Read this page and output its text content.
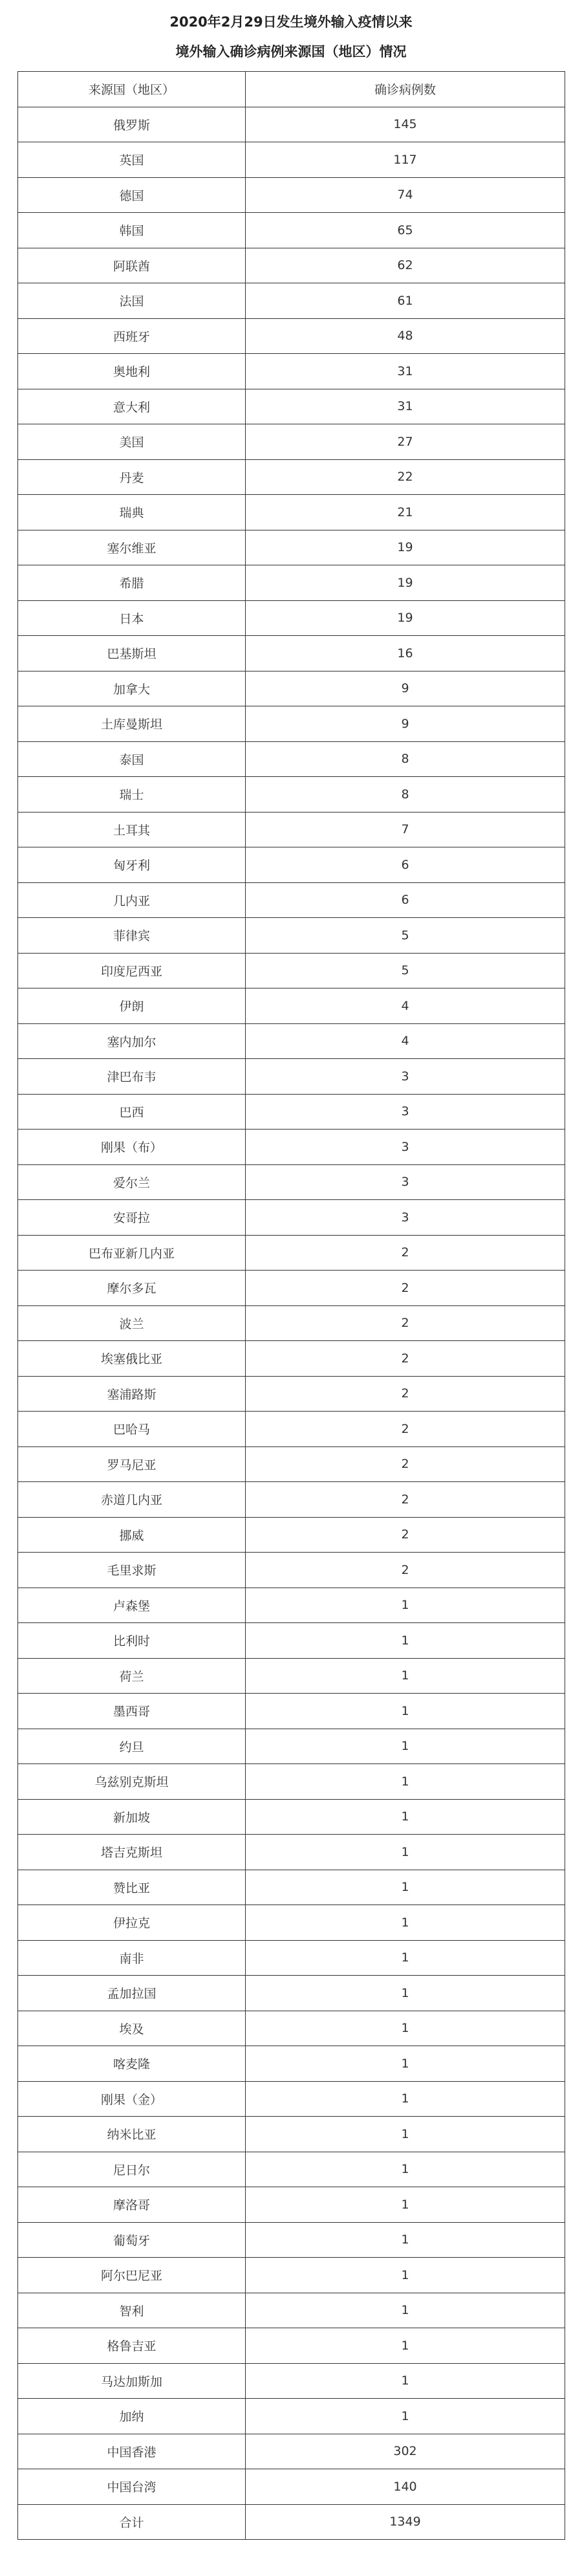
2020年2月29日发生境外输入疫情以来
境外输入确诊病例来源国（地区）情况
来源国（地区）	确诊病例数
俄罗斯	145
英国	117
德国	74
韩国	65
阿联酋	62
法国	61
西班牙	48
奥地利	31
意大利	31
美国	27
丹麦	22
瑞典	21
塞尔维亚	19
希腊	19
日本	19
巴基斯坦	16
加拿大	9
土库曼斯坦	9
泰国	8
瑞士	8
土耳其	7
匈牙利	6
几内亚	6
菲律宾	5
印度尼西亚	5
伊朗	4
塞内加尔	4
津巴布韦	3
巴西	3
刚果（布）	3
爱尔兰	3
安哥拉	3
巴布亚新几内亚	2
摩尔多瓦	2
波兰	2
埃塞俄比亚	2
塞浦路斯	2
巴哈马	2
罗马尼亚	2
赤道几内亚	2
挪威	2
毛里求斯	2
卢森堡	1
比利时	1
荷兰	1
墨西哥	1
约旦	1
乌兹别克斯坦	1
新加坡	1
塔吉克斯坦	1
赞比亚	1
伊拉克	1
南非	1
孟加拉国	1
埃及	1
喀麦隆	1
刚果（金）	1
纳米比亚	1
尼日尔	1
摩洛哥	1
葡萄牙	1
阿尔巴尼亚	1
智利	1
格鲁吉亚	1
马达加斯加	1
加纳	1
中国香港	302
中国台湾	140
合计	1349
